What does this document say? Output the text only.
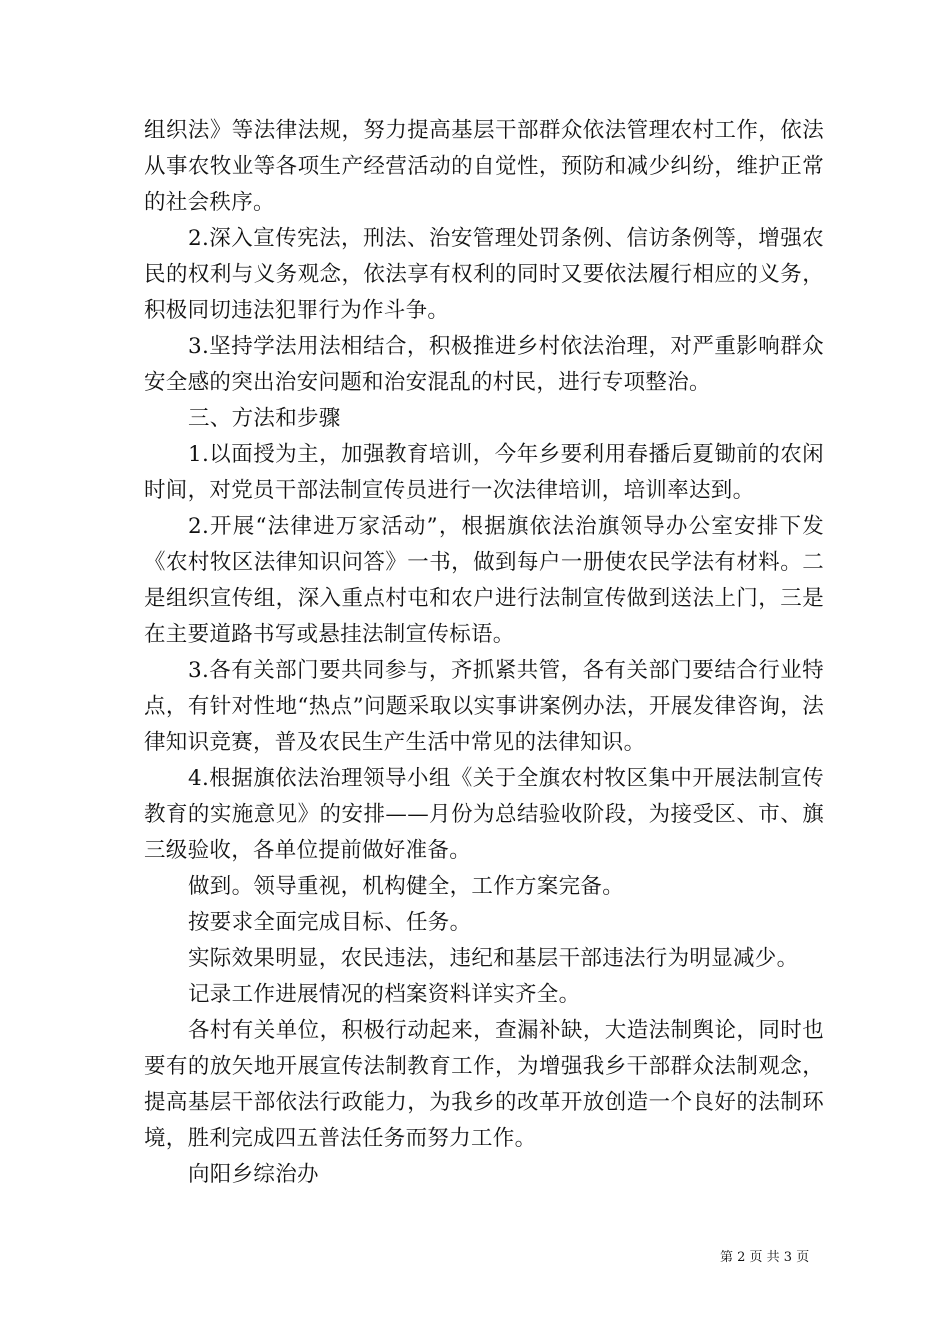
组织法》等法律法规，努力提高基层干部群众依法管理农村工作，依法从事农牧业等各项生产经营活动的自觉性，预防和减少纠纷，维护正常的社会秩序。

2.深入宣传宪法，刑法、治安管理处罚条例、信访条例等，增强农民的权利与义务观念，依法享有权利的同时又要依法履行相应的义务，积极同切违法犯罪行为作斗争。

3.坚持学法用法相结合，积极推进乡村依法治理，对严重影响群众安全感的突出治安问题和治安混乱的村民，进行专项整治。

三、方法和步骤

1.以面授为主，加强教育培训，今年乡要利用春播后夏锄前的农闲时间，对党员干部法制宣传员进行一次法律培训，培训率达到。

2.开展“法律进万家活动”，根据旗依法治旗领导办公室安排下发《农村牧区法律知识问答》一书，做到每户一册使农民学法有材料。二是组织宣传组，深入重点村屯和农户进行法制宣传做到送法上门，三是在主要道路书写或悬挂法制宣传标语。

3.各有关部门要共同参与，齐抓紧共管，各有关部门要结合行业特点，有针对性地“热点”问题采取以实事讲案例办法，开展发律咨询，法律知识竞赛，普及农民生产生活中常见的法律知识。

4.根据旗依法治理领导小组《关于全旗农村牧区集中开展法制宣传教育的实施意见》的安排——月份为总结验收阶段，为接受区、市、旗三级验收，各单位提前做好准备。

做到。领导重视，机构健全，工作方案完备。

按要求全面完成目标、任务。

实际效果明显，农民违法，违纪和基层干部违法行为明显减少。

记录工作进展情况的档案资料详实齐全。

各村有关单位，积极行动起来，查漏补缺，大造法制舆论，同时也要有的放矢地开展宣传法制教育工作，为增强我乡干部群众法制观念，提高基层干部依法行政能力，为我乡的改革开放创造一个良好的法制环境，胜利完成四五普法任务而努力工作。

向阳乡综治办

第 2 页 共 3 页
